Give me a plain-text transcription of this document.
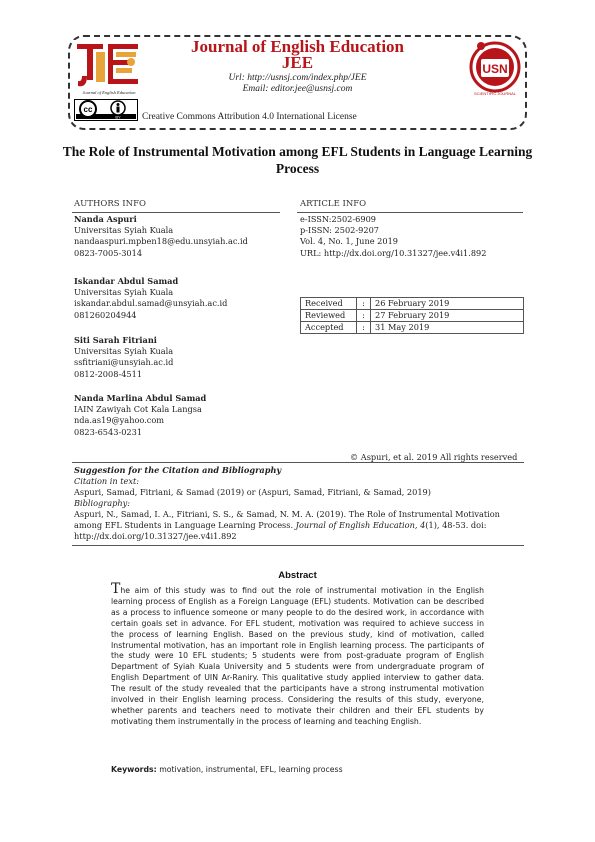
Journal of English Education
Journal of English Education
JEE
Url: http://usnsj.com/index.php/JEE
Email: editor.jee@usnsj.com
USN
SCIENTIFIC JOURNAL
cc
BY Creative Commons Attribution 4.0 International License
The Role of Instrumental Motivation among EFL Students in Language Learning Process
AUTHORS INFO	ARTICLE INFO
Nanda Aspuri
Universitas Syiah Kuala
nandaaspuri.mpben18@edu.unsyiah.ac.id
0823-7005-3014
Iskandar Abdul Samad
Universitas Syiah Kuala
iskandar.abdul.samad@unsyiah.ac.id
081260204944
Siti Sarah Fitriani
Universitas Syiah Kuala
ssfitriani@unsyiah.ac.id
0812-2008-4511
Nanda Marlina Abdul Samad
IAIN Zawiyah Cot Kala Langsa
nda.as19@yahoo.com
0823-6543-0231
e-ISSN:2502-6909
p-ISSN: 2502-9207
Vol. 4, No. 1, June 2019
URL: http://dx.doi.org/10.31327/jee.v4i1.892
Received	:	26 February 2019
Reviewed	:	27 February 2019
Accepted	:	31 May 2019
© Aspuri, et al. 2019 All rights reserved
Suggestion for the Citation and Bibliography
Citation in text:
Aspuri, Samad, Fitriani, & Samad (2019) or (Aspuri, Samad, Fitriani, & Samad, 2019)
Bibliography:
Aspuri, N., Samad, I. A., Fitriani, S. S., & Samad, N. M. A. (2019). The Role of Instrumental Motivation among EFL Students in Language Learning Process. Journal of English Education, 4(1), 48-53. doi: http://dx.doi.org/10.31327/jee.v4i1.892
Abstract
The aim of this study was to find out the role of instrumental motivation in the English learning process of English as a Foreign Language (EFL) students. Motivation can be described as a process to influence someone or many people to do the desired work, in accordance with certain goals set in advance. For EFL student, motivation was required to achieve success in the process of learning English. Based on the previous study, kind of motivation, called Instrumental motivation, has an important role in English learning process. The participants of the study were 10 EFL students; 5 students were from post-graduate program of English Department of Syiah Kuala University and 5 students were from undergraduate program of English Department of UIN Ar-Raniry. This qualitative study applied interview to gather data. The result of the study revealed that the participants have a strong instrumental motivation involved in their English learning process. Considering the results of this study, everyone, whether parents and teachers need to motivate their children and their EFL students by motivating them instrumentally in the process of learning and teaching English.
Keywords: motivation, instrumental, EFL, learning process
